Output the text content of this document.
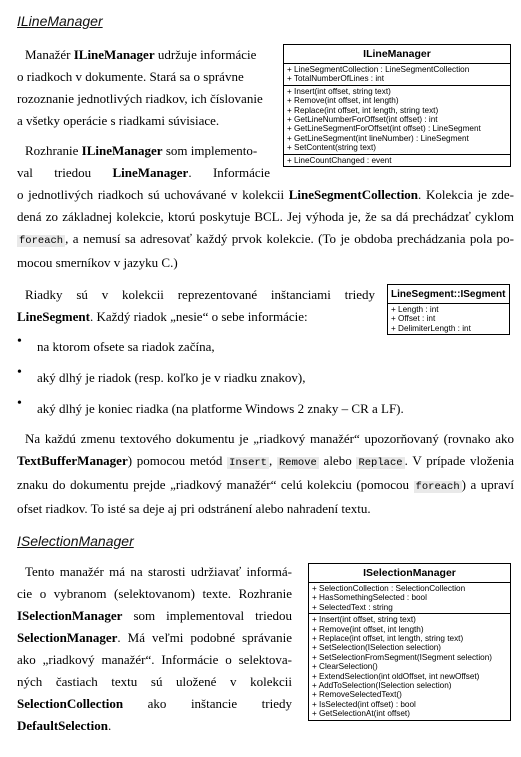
ILineManager
Manažér ILineManager udržuje informácie
o riadkoch v dokumente. Stará sa o správne
rozoznanie jednotlivých riadkov, ich číslovanie
a všetky operácie s riadkami súvisiace.
Rozhranie ILineManager som implemento-
val triedou LineManager. Informácie
o jednotlivých riadkoch sú uchovávané v kolekcii LineSegmentCollection. Kolekcia je zde-
dená zo základnej kolekcie, ktorú poskytuje BCL. Jej výhoda je, že sa dá prechádzať cyklom
foreach , a nemusí sa adresovať každý prvok kolekcie. (To je obdoba prechádzania pola po-
mocou smerníkov v jazyku C.)
Riadky sú v kolekcii reprezentované inštanciami triedy
LineSegment. Každý riadok „nesie“ o sebe informácie:
• na ktorom ofsete sa riadok začína,
• aký dlhý je riadok (resp. koľko je v riadku znakov),
• aký dlhý je koniec riadka (na platforme Windows 2 znaky – CR a LF).
Na každú zmenu textového dokumentu je „riadkový manažér“ upozorňovaný (rovnako ako
TextBufferManager) pomocou metód Insert , Remove alebo Replace . V prípade vloženia
znaku do dokumentu prejde „riadkový manažér“ celú kolekciu (pomocou foreach ) a upraví
ofset riadkov. To isté sa deje aj pri odstránení alebo nahradení textu.
ILineManager
+ LineSegmentCollection : LineSegmentCollection
+ TotalNumberOfLines : int
+ Insert(int offset, string text)
+ Remove(int offset, int length)
+ Replace(int offset, int length, string text)
+ GetLineNumberForOffset(int offset) : int
+ GetLineSegmentForOffset(int offset) : LineSegment
+ GetLineSegment(int lineNumber) : LineSegment
+ SetContent(string text)
+ LineCountChanged : event
LineSegment::ISegment
+ Length : int
+ Offset : int
+ DelimiterLength : int
ISelectionManager
Tento manažér má na starosti udržiavať informá-
cie o vybranom (selektovanom) texte. Rozhranie
ISelectionManager som implementoval triedou
SelectionManager. Má veľmi podobné správanie
ako „riadkový manažér“. Informácie o selektova-
ných častiach textu sú uložené v kolekcii
SelectionCollection ako inštancie triedy
DefaultSelection.
ISelectionManager
+ SelectionCollection : SelectionCollection
+ HasSomethingSelected : bool
+ SelectedText : string
+ Insert(int offset, string text)
+ Remove(int offset, int length)
+ Replace(int offset, int length, string text)
+ SetSelection(ISelection selection)
+ SetSelectionFromSegment(ISegment selection)
+ ClearSelection()
+ ExtendSelection(int oldOffset, int newOffset)
+ AddToSelection(ISelection selection)
+ RemoveSelectedText()
+ IsSelected(int offset) : bool
+ GetSelectionAt(int offset)
